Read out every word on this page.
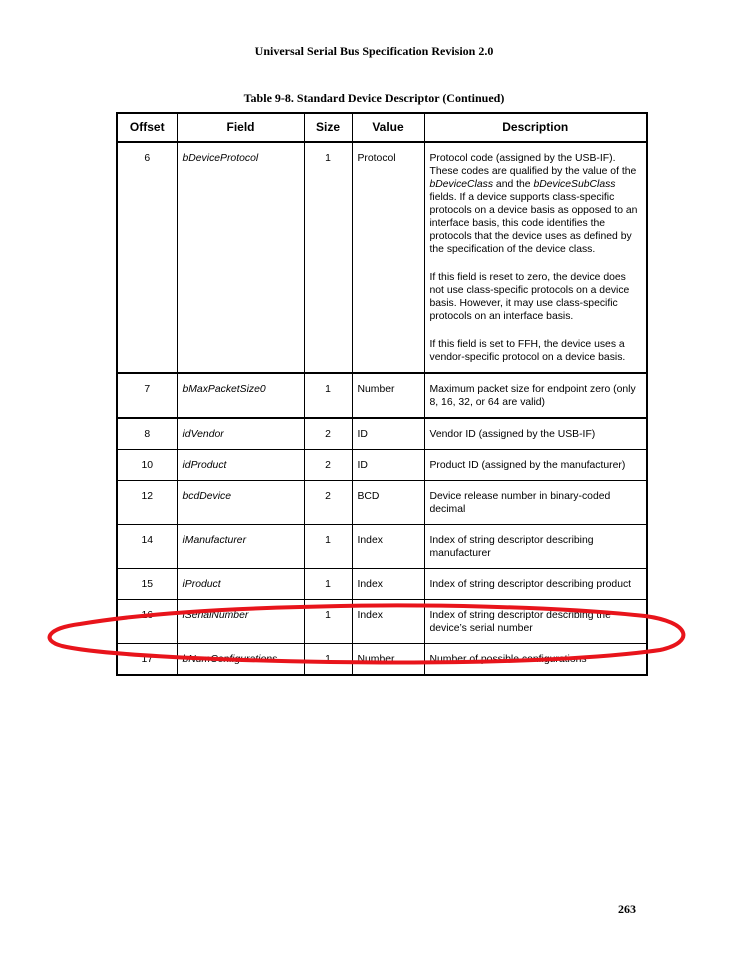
Universal Serial Bus Specification Revision 2.0
Table 9-8. Standard Device Descriptor (Continued)
Offset	Field	Size	Value	Description
6	bDeviceProtocol	1	Protocol	Protocol code (assigned by the USB-IF). These codes are qualified by the value of the bDeviceClass and the bDeviceSubClass fields. If a device supports class-specific protocols on a device basis as opposed to an interface basis, this code identifies the protocols that the device uses as defined by the specification of the device class.

If this field is reset to zero, the device does not use class-specific protocols on a device basis. However, it may use class-specific protocols on an interface basis.

If this field is set to FFH, the device uses a vendor-specific protocol on a device basis.

7	bMaxPacketSize0	1	Number	Maximum packet size for endpoint zero (only 8, 16, 32, or 64 are valid)
8	idVendor	2	ID	Vendor ID (assigned by the USB-IF)
10	idProduct	2	ID	Product ID (assigned by the manufacturer)
12	bcdDevice	2	BCD	Device release number in binary-coded decimal
14	iManufacturer	1	Index	Index of string descriptor describing manufacturer
15	iProduct	1	Index	Index of string descriptor describing product
16	iSerialNumber	1	Index	Index of string descriptor describing the device’s serial number
17	bNumConfigurations	1	Number	Number of possible configurations
263
